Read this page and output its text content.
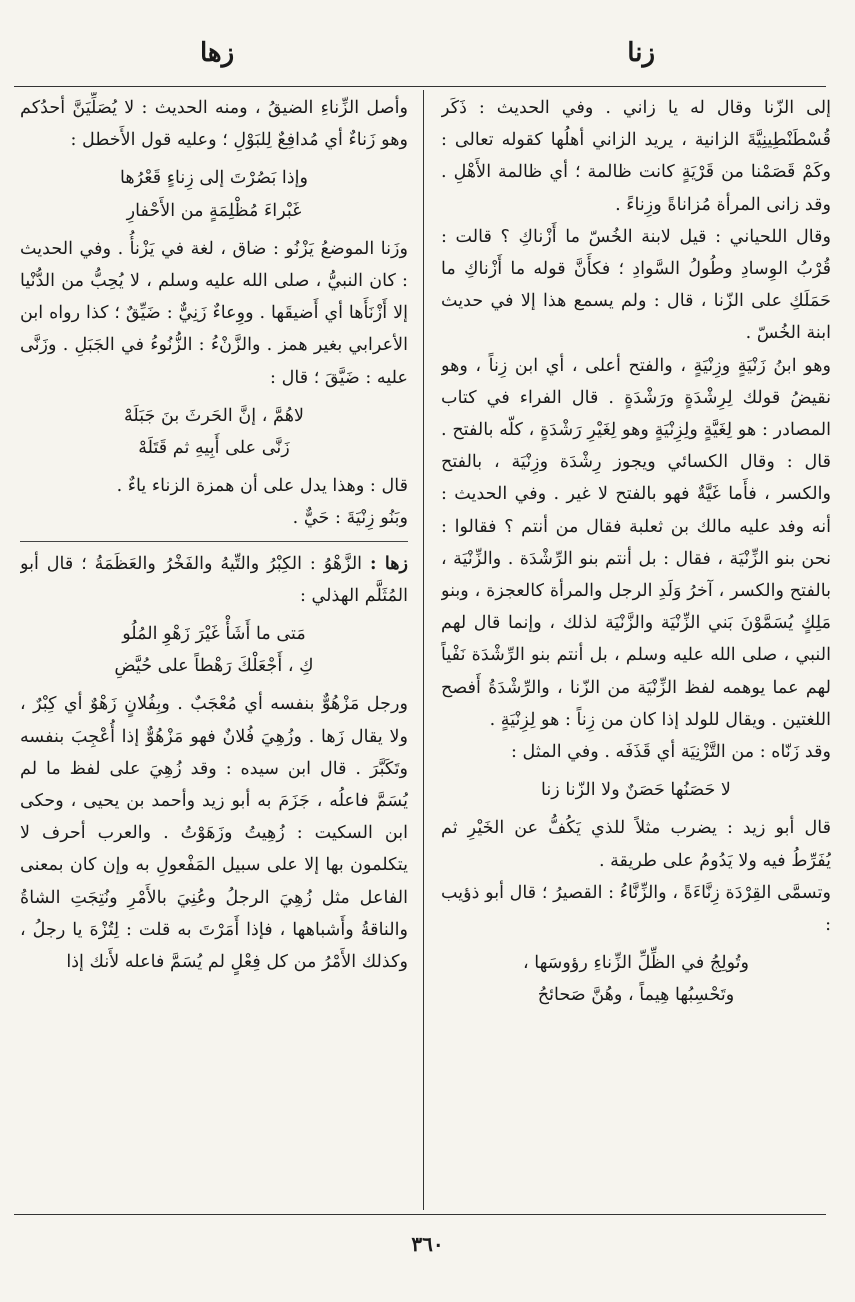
زنا
زها

إلى الزّنا وقال له يا زاني . وفي الحديث : ذَكَر قُسْطَنْطِينِيَّةَ الزانية ، يريد الزاني أهلُها كقوله تعالى : وكَمْ قَصَمْنا من قَرْيَةٍ كانت ظالمة ؛ أي ظالمة الأَهْلِ . وقد زانى المرأة مُزاناةً وزِناءً .

وقال اللحياني : قيل لابنة الخُسّ ما أَزْناكِ ؟ قالت : قُرْبُ الوِسادِ وطُولُ السَّوادِ ؛ فكأَنَّ قوله ما أَزْناكِ ما حَمَلَكِ على الزّنا ، قال : ولم يسمع هذا إلا في حديث ابنة الخُسّ .

وهو ابنُ زَنْيَةٍ وزِنْيَةٍ ، والفتح أعلى ، أي ابن زِناً ، وهو نقيضُ قولك لِرِشْدَةٍ ورَشْدَةٍ . قال الفراء في كتاب المصادر : هو لِغَيَّةٍ ولِزِنْيَةٍ وهو لِغَيْرِ رَشْدَةٍ ، كلّه بالفتح . قال : وقال الكسائي ويجوز رِشْدَة وزِنْيَة ، بالفتح والكسر ، فأَما غَيَّةٌ فهو بالفتح لا غير . وفي الحديث : أنه وفد عليه مالك بن ثعلبة فقال من أنتم ؟ فقالوا : نحن بنو الزِّنْيَة ، فقال : بل أنتم بنو الرِّشْدَة . والزِّنْيَة ، بالفتح والكسر ، آخرُ وَلَدِ الرجل والمرأة كالعجزة ، وبنو مَلِكٍ يُسَمَّوْنَ بَني الزِّنْيَة والزَّنْيَة لذلك ، وإنما قال لهم النبي ، صلى الله عليه وسلم ، بل أنتم بنو الرِّشْدَة نَفْياً لهم عما يوهمه لفظ الزِّنْيَة من الزّنا ، والرِّشْدَةُ أَفصح اللغتين . ويقال للولد إذا كان من زِناً : هو لِزِنْيَةٍ .

وقد زَنّاه : من التَّزْنِيَة أي قَذَفَه . وفي المثل :

لا حَصَنُها حَصَنٌ ولا الزّنا زنا

قال أبو زيد : يضرب مثلاً للذي يَكُفُّ عن الخَيْرِ ثم يُفَرِّطُ فيه ولا يَدُومُ على طريقة .

وتسمَّى القِرْدَة زِنَّاءَةً ، والزِّنَّاءُ : القصيرُ ؛ قال أبو ذؤيب :

وتُولِجُ في الظِّلِّ الزِّناءِ رؤوسَها ،
وتَحْسِبُها هِيماً ، وهُنَّ صَحائحُ

وأصل الزِّناءِ الضيقُ ، ومنه الحديث : لا يُصَلِّيَنَّ أحدُكم وهو زَناءٌ أي مُدافِعٌ لِلبَوْلِ ؛ وعليه قول الأَخطل :

وإذا بَصُرْتَ إلى زِناءٍ قَعْرُها
غَبْراءَ مُظْلِمَةٍ من الأَحْفارِ

وزَنا الموضعُ يَزْنُو : ضاق ، لغة في يَزْنأُ . وفي الحديث : كان النبيُّ ، صلى الله عليه وسلم ، لا يُحِبُّ من الدُّنْيا إلا أَزْنَأَها أي أَضيقَها . ووِعاءٌ زَنِيٌّ : ضَيِّقٌ ؛ كذا رواه ابن الأعرابي بغير همز . والزَّنْءُ : الزُّنُوءُ في الجَبَلِ . وزَنَّى عليه : ضَيَّقَ ؛ قال :

لاهُمَّ ، إنَّ الحَرثَ بنَ جَبَلَهْ
زَنَّى على أَبِيهِ ثم قَتَلَهْ

قال : وهذا يدل على أن همزة الزناء ياءٌ .

وبَنُو زِنْيَةَ : حَيٌّ .

زها : الزَّهْوُ : الكِبْرُ والتِّيهُ والفَخْرُ والعَظَمَةُ ؛ قال أبو المُثَلَّم الهذلي :

مَتى ما أَشَأْ غَيْرَ زَهْوِ المُلُو
كِ ، أَجْعَلْكَ رَهْطاً على حُيَّضِ

ورجل مَزْهُوٌّ بنفسه أي مُعْجَبٌ . وبِفُلانٍ زَهْوٌ أي كِبْرٌ ، ولا يقال زَها . وزُهِيَ فُلانٌ فهو مَزْهُوٌّ إذا أُعْجِبَ بنفسه وتَكَبَّرَ . قال ابن سيده : وقد زُهِيَ على لفظ ما لم يُسَمَّ فاعلُه ، جَزَمَ به أبو زيد وأحمد بن يحيى ، وحكى ابن السكيت : زُهِيتُ وزَهَوْتُ . والعرب أحرف لا يتكلمون بها إلا على سبيل المَفْعولِ به وإن كان بمعنى الفاعل مثل زُهِيَ الرجلُ وعُنِيَ بالأَمْرِ ونُتِجَتِ الشاةُ والناقةُ وأَشباهها ، فإذا أَمَرْتَ به قلت : لِتُزْهَ يا رجلُ ، وكذلك الأَمْرُ من كل فِعْلٍ لم يُسَمَّ فاعله لأَنك إذا

٣٦٠
